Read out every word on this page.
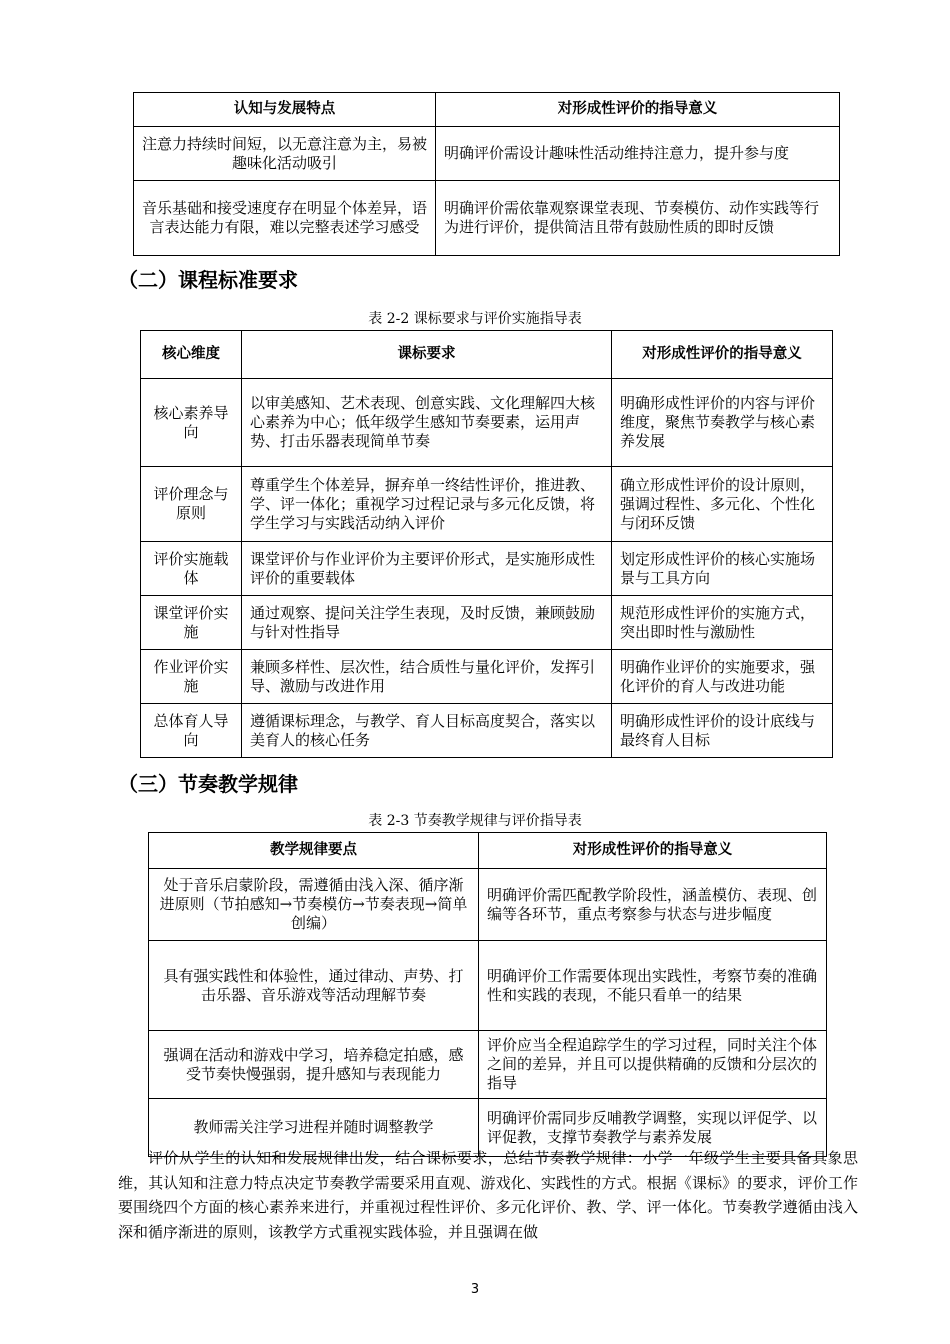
认知与发展特点	对形成性评价的指导意义
注意力持续时间短，以无意注意为主，易被趣味化活动吸引	明确评价需设计趣味性活动维持注意力，提升参与度
音乐基础和接受速度存在明显个体差异，语言表达能力有限，难以完整表述学习感受	明确评价需依靠观察课堂表现、节奏模仿、动作实践等行为进行评价，提供简洁且带有鼓励性质的即时反馈
（二）课程标准要求
表 2-2 课标要求与评价实施指导表
核心维度	课标要求	对形成性评价的指导意义
核心素养导向	以审美感知、艺术表现、创意实践、文化理解四大核心素养为中心；低年级学生感知节奏要素，运用声势、打击乐器表现简单节奏	明确形成性评价的内容与评价维度，聚焦节奏教学与核心素养发展
评价理念与原则	尊重学生个体差异，摒弃单一终结性评价，推进教、学、评一体化；重视学习过程记录与多元化反馈，将学生学习与实践活动纳入评价	确立形成性评价的设计原则，强调过程性、多元化、个性化与闭环反馈
评价实施载体	课堂评价与作业评价为主要评价形式，是实施形成性评价的重要载体	划定形成性评价的核心实施场景与工具方向
课堂评价实施	通过观察、提问关注学生表现，及时反馈，兼顾鼓励与针对性指导	规范形成性评价的实施方式，突出即时性与激励性
作业评价实施	兼顾多样性、层次性，结合质性与量化评价，发挥引导、激励与改进作用	明确作业评价的实施要求，强化评价的育人与改进功能
总体育人导向	遵循课标理念，与教学、育人目标高度契合，落实以美育人的核心任务	明确形成性评价的设计底线与最终育人目标
（三）节奏教学规律
表 2-3 节奏教学规律与评价指导表
教学规律要点	对形成性评价的指导意义
处于音乐启蒙阶段，需遵循由浅入深、循序渐进原则（节拍感知→节奏模仿→节奏表现→简单创编）	明确评价需匹配教学阶段性，涵盖模仿、表现、创编等各环节，重点考察参与状态与进步幅度
具有强实践性和体验性，通过律动、声势、打击乐器、音乐游戏等活动理解节奏	明确评价工作需要体现出实践性，考察节奏的准确性和实践的表现，不能只看单一的结果
强调在活动和游戏中学习，培养稳定拍感，感受节奏快慢强弱，提升感知与表现能力	评价应当全程追踪学生的学习过程，同时关注个体之间的差异，并且可以提供精确的反馈和分层次的指导
教师需关注学习进程并随时调整教学	明确评价需同步反哺教学调整，实现以评促学、以评促教，支撑节奏教学与素养发展

评价从学生的认知和发展规律出发，结合课标要求，总结节奏教学规律：小学一年级学生主要具备具象思维，其认知和注意力特点决定节奏教学需要采用直观、游戏化、实践性的方式。根据《课标》的要求，评价工作要围绕四个方面的核心素养来进行，并重视过程性评价、多元化评价、教、学、评一体化。节奏教学遵循由浅入深和循序渐进的原则，该教学方式重视实践体验，并且强调在做

3
